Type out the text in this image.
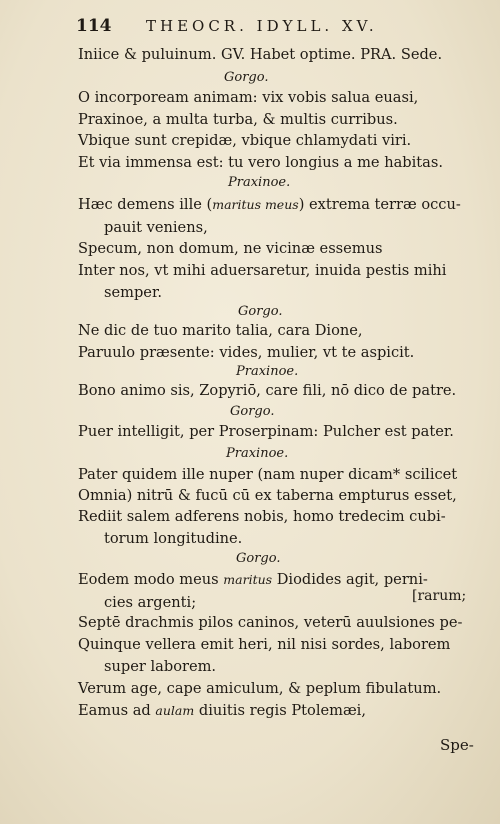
114	THEOCR. IDYLL. XV.
Iniice & puluinum. GV. Habet optime. PRA. Sede.
Gorgo.
O incorpoream animam: vix vobis salua euasi,
Praxinoe, a multa turba, & multis curribus.
Vbique sunt crepidæ, vbique chlamydati viri.
Et via immensa est: tu vero longius a me habitas.
Praxinoe.
Hæc demens ille (maritus meus) extrema terræ occu-
pauit veniens,
Specum, non domum, ne vicinæ essemus
Inter nos, vt mihi aduersaretur, inuida pestis mihi
semper.
Gorgo.
Ne dic de tuo marito talia, cara Dione,
Paruulo præsente: vides, mulier, vt te aspicit.
Praxinoe.
Bono animo sis, Zopyriō, care fili, nō dico de patre.
Gorgo.
Puer intelligit, per Proserpinam: Pulcher est pater.
Praxinoe.
Pater quidem ille nuper (nam nuper dicam* scilicet
Omnia) nitrū & fucū cū ex taberna empturus esset,
Rediit salem adferens nobis, homo tredecim cubi-
torum longitudine.
Gorgo.
Eodem modo meus maritus Diodides agit, perni-
cies argenti;	[rarum;
Septē drachmis pilos caninos, veterū auulsiones pe-
Quinque vellera emit heri, nil nisi sordes, laborem
super laborem.
Verum age, cape amiculum, & peplum fibulatum.
Eamus ad aulam diuitis regis Ptolemæi,
Spe-
